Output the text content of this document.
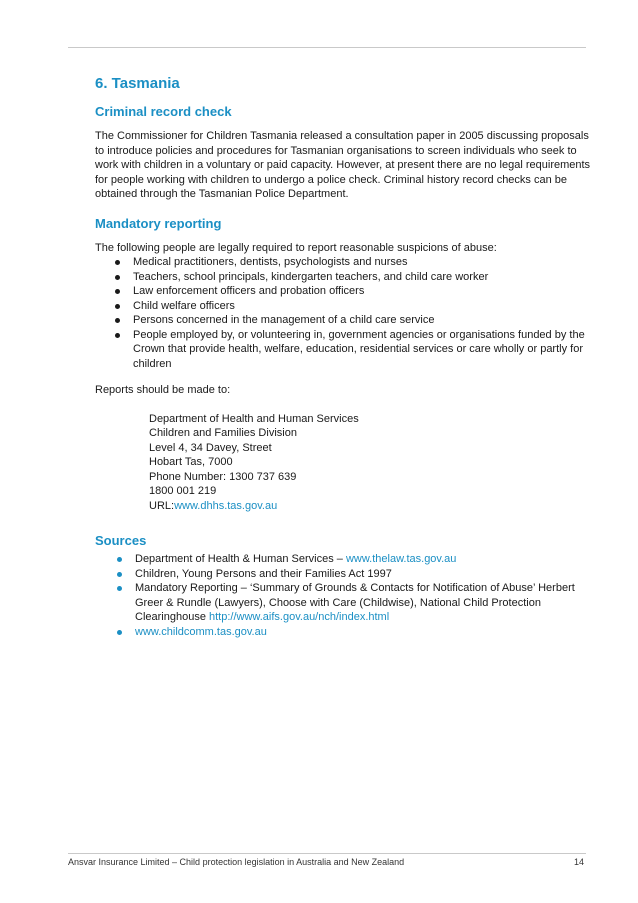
6. Tasmania
Criminal record check

The Commissioner for Children Tasmania released a consultation paper in 2005 discussing proposals to introduce policies and procedures for Tasmanian organisations to screen individuals who seek to work with children in a voluntary or paid capacity. However, at present there are no legal requirements for people working with children to undergo a police check. Criminal history record checks can be obtained through the Tasmanian Police Department.

Mandatory reporting

The following people are legally required to report reasonable suspicions of abuse:

Medical practitioners, dentists, psychologists and nurses
Teachers, school principals, kindergarten teachers, and child care worker
Law enforcement officers and probation officers
Child welfare officers
Persons concerned in the management of a child care service
People employed by, or volunteering in, government agencies or organisations funded by the Crown that provide health, welfare, education, residential services or care wholly or partly for children

Reports should be made to:

Department of Health and Human Services

Children and Families Division

Level 4, 34 Davey, Street

Hobart Tas, 7000

Phone Number: 1300 737 639

1800 001 219

URL:www.dhhs.tas.gov.au

Sources
Department of Health & Human Services – www.thelaw.tas.gov.au
Children, Young Persons and their Families Act 1997
Mandatory Reporting – ‘Summary of Grounds & Contacts for Notification of Abuse’ Herbert Greer & Rundle (Lawyers), Choose with Care (Childwise), National Child Protection Clearinghouse http://www.aifs.gov.au/nch/index.html
www.childcomm.tas.gov.au
Ansvar Insurance Limited – Child protection legislation in Australia and New Zealand	14
